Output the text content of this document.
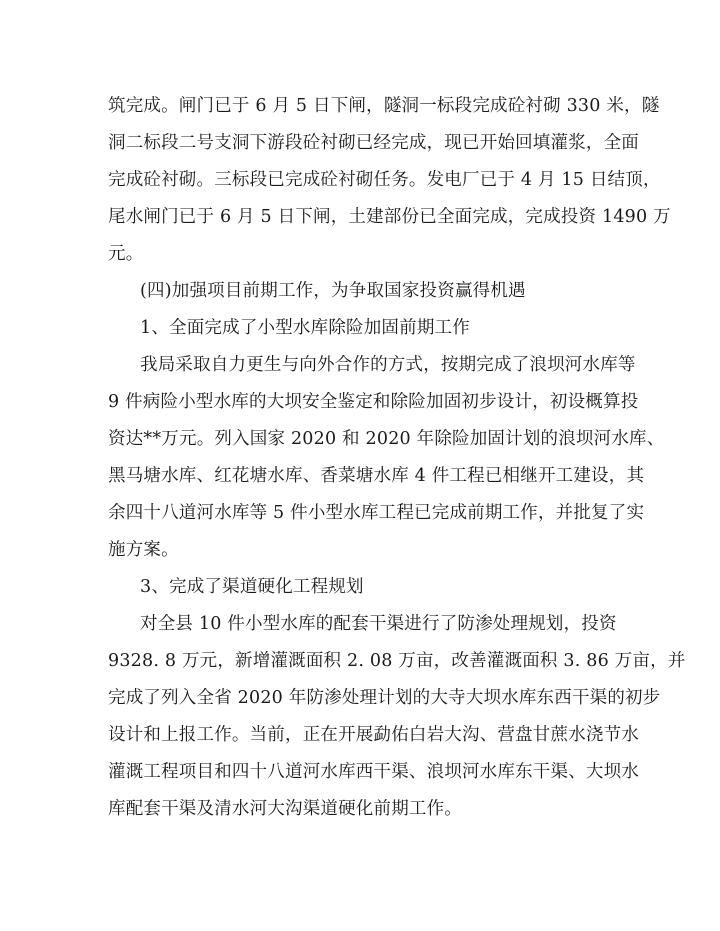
筑完成。闸门已于 6 月 5 日下闸，隧洞一标段完成砼衬砌 330 米，隧
洞二标段二号支洞下游段砼衬砌已经完成，现已开始回填灌浆，全面
完成砼衬砌。三标段已完成砼衬砌任务。发电厂已于 4 月 15 日结顶，
尾水闸门已于 6 月 5 日下闸，土建部份已全面完成，完成投资 1490 万
元。
(四)加强项目前期工作，为争取国家投资赢得机遇
1、全面完成了小型水库除险加固前期工作
我局采取自力更生与向外合作的方式，按期完成了浪坝河水库等
9 件病险小型水库的大坝安全鉴定和除险加固初步设计，初设概算投
资达**万元。列入国家 2020 和 2020 年除险加固计划的浪坝河水库、
黑马塘水库、红花塘水库、香菜塘水库 4 件工程已相继开工建设，其
余四十八道河水库等 5 件小型水库工程已完成前期工作，并批复了实
施方案。
3、完成了渠道硬化工程规划
对全县 10 件小型水库的配套干渠进行了防渗处理规划，投资
9328. 8 万元，新增灌溉面积 2. 08 万亩，改善灌溉面积 3. 86 万亩，并
完成了列入全省 2020 年防渗处理计划的大寺大坝水库东西干渠的初步
设计和上报工作。当前，正在开展勐佑白岩大沟、营盘甘蔗水浇节水
灌溉工程项目和四十八道河水库西干渠、浪坝河水库东干渠、大坝水
库配套干渠及清水河大沟渠道硬化前期工作。
